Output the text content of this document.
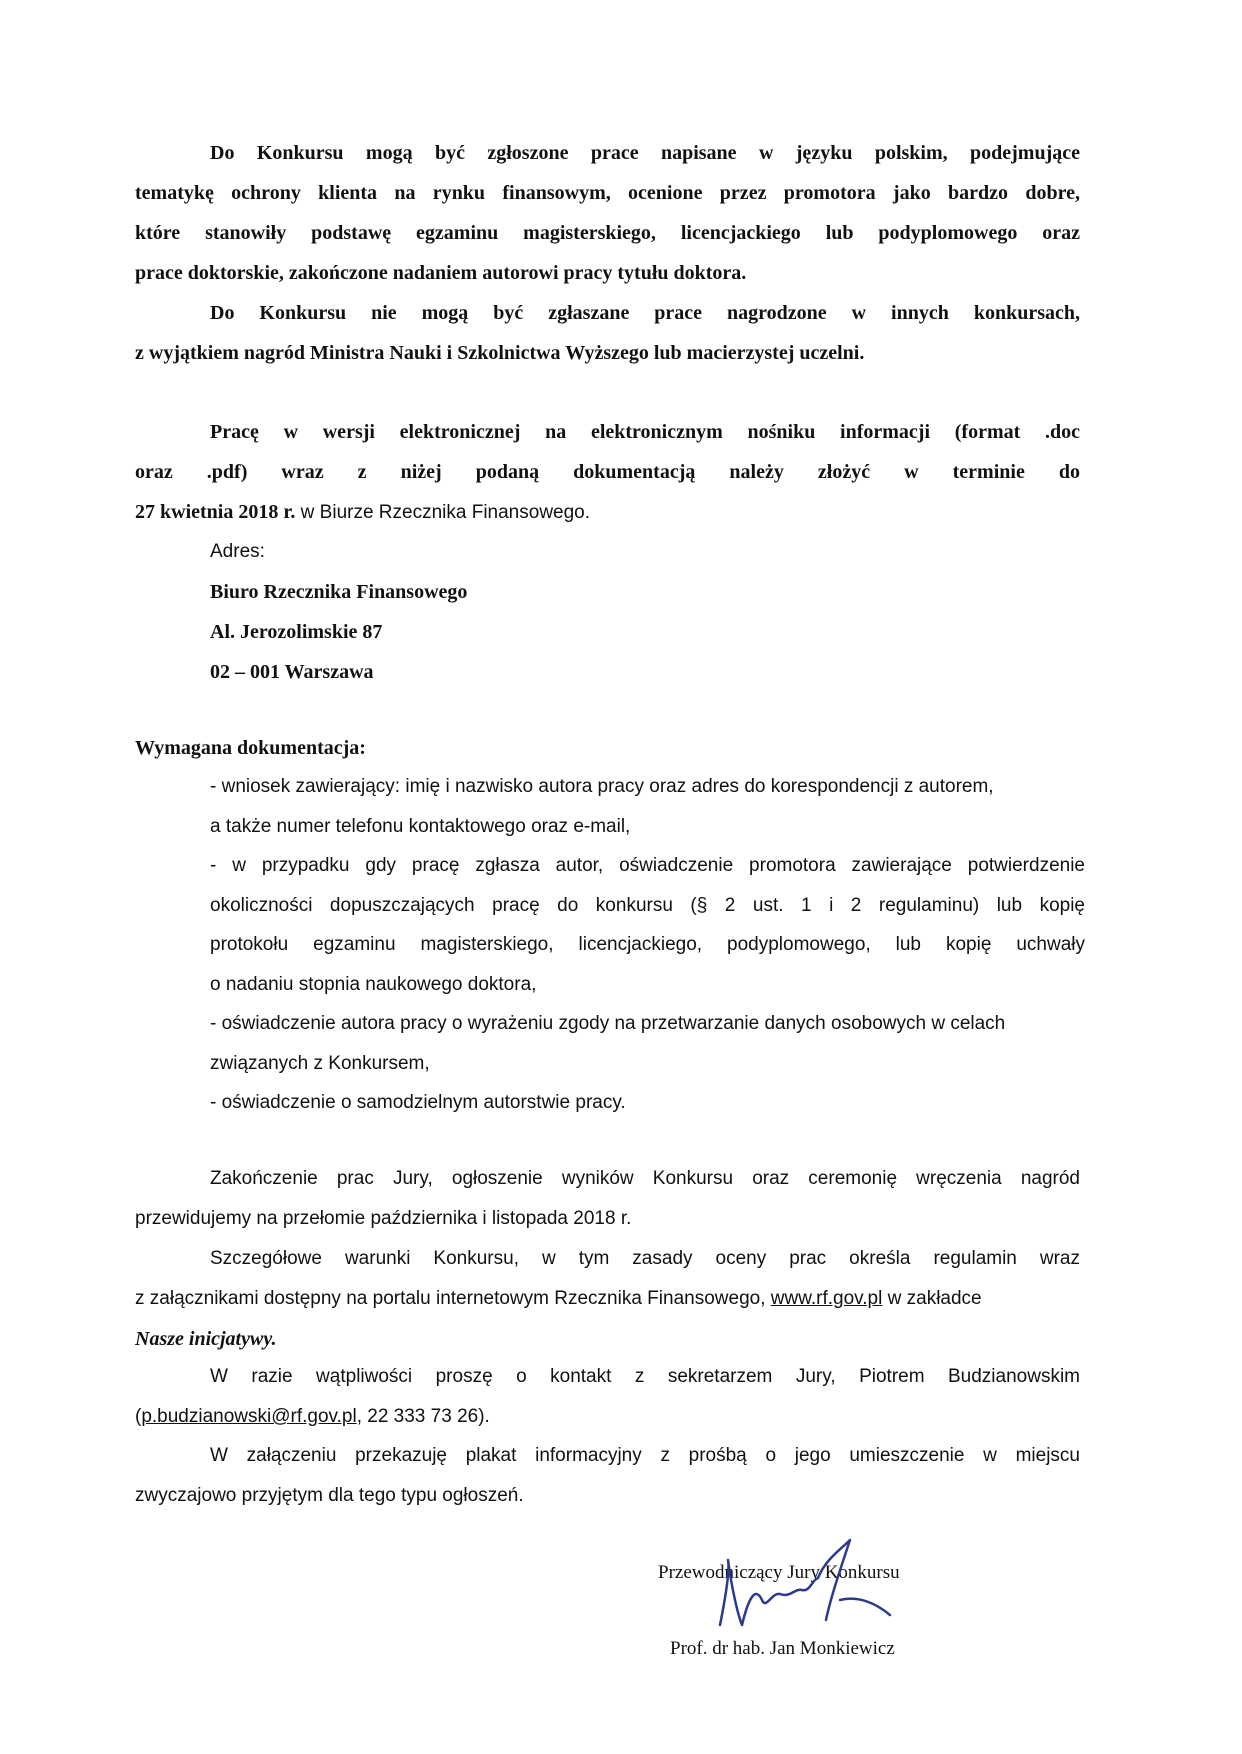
Do Konkursu mogą być zgłoszone prace napisane w języku polskim, podejmujące
tematykę ochrony klienta na rynku finansowym, ocenione przez promotora jako bardzo dobre,
które stanowiły podstawę egzaminu magisterskiego, licencjackiego lub podyplomowego oraz
prace doktorskie, zakończone nadaniem autorowi pracy tytułu doktora.
Do Konkursu nie mogą być zgłaszane prace nagrodzone w innych konkursach,
z wyjątkiem nagród Ministra Nauki i Szkolnictwa Wyższego lub macierzystej uczelni.
Pracę w wersji elektronicznej na elektronicznym nośniku informacji (format .doc
oraz .pdf) wraz z niżej podaną dokumentacją należy złożyć w terminie do
27 kwietnia 2018 r. w Biurze Rzecznika Finansowego.
Adres:
Biuro Rzecznika Finansowego
Al. Jerozolimskie 87
02 – 001 Warszawa
Wymagana dokumentacja:
- wniosek zawierający: imię i nazwisko autora pracy oraz adres do korespondencji z autorem,
a także numer telefonu kontaktowego oraz e-mail,
- w przypadku gdy pracę zgłasza autor, oświadczenie promotora zawierające potwierdzenie
okoliczności dopuszczających pracę do konkursu (§ 2 ust. 1 i 2 regulaminu) lub kopię
protokołu egzaminu magisterskiego, licencjackiego, podyplomowego, lub kopię uchwały
o nadaniu stopnia naukowego doktora,
- oświadczenie autora pracy o wyrażeniu zgody na przetwarzanie danych osobowych w celach
związanych z Konkursem,
- oświadczenie o samodzielnym autorstwie pracy.
Zakończenie prac Jury, ogłoszenie wyników Konkursu oraz ceremonię wręczenia nagród
przewidujemy na przełomie października i listopada 2018 r.
Szczegółowe warunki Konkursu, w tym zasady oceny prac określa regulamin wraz
z załącznikami dostępny na portalu internetowym Rzecznika Finansowego, www.rf.gov.pl w zakładce
Nasze inicjatywy.
W razie wątpliwości proszę o kontakt z sekretarzem Jury, Piotrem Budzianowskim
(p.budzianowski@rf.gov.pl, 22 333 73 26).
W załączeniu przekazuję plakat informacyjny z prośbą o jego umieszczenie w miejscu
zwyczajowo przyjętym dla tego typu ogłoszeń.
Przewodniczący Jury Konkursu
Prof. dr hab. Jan Monkiewicz
